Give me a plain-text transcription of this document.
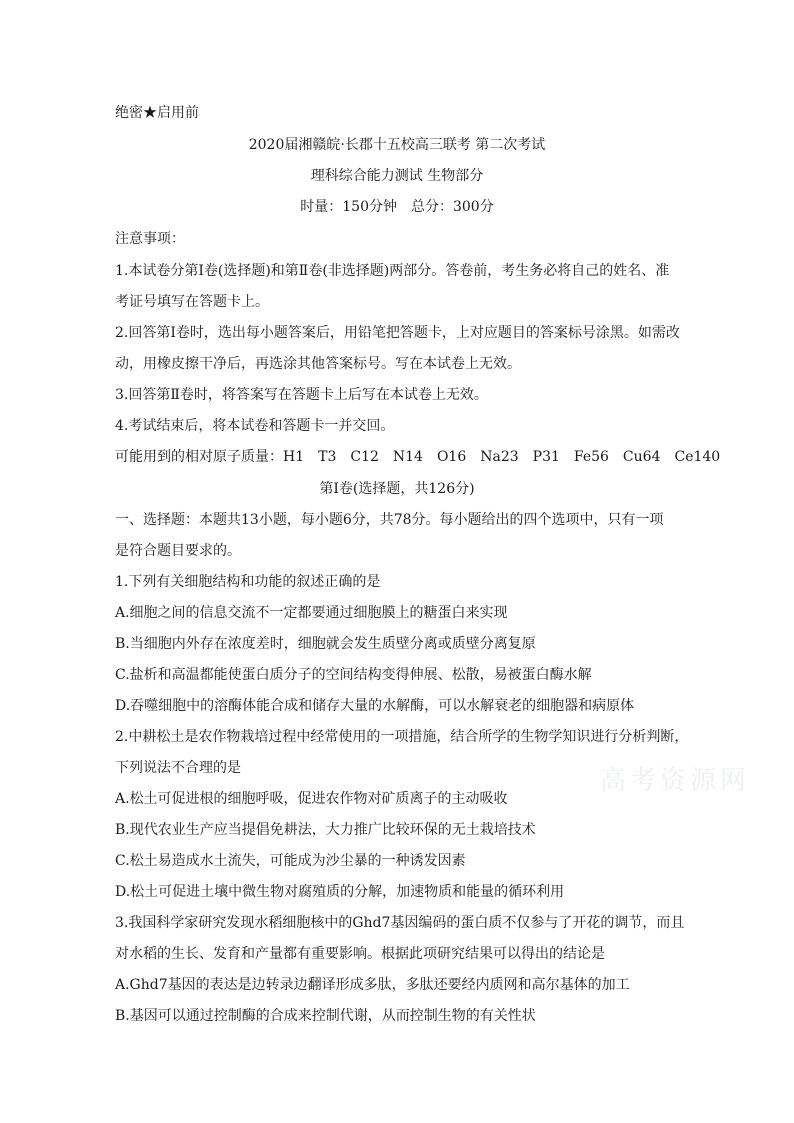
高考资源网
绝密★启用前
2020届湘赣皖·长郡十五校高三联考 第二次考试
理科综合能力测试 生物部分
时量：150分钟　总分：300分
注意事项：
1.本试卷分第Ⅰ卷(选择题)和第Ⅱ卷(非选择题)两部分。答卷前，考生务必将自己的姓名、准
考证号填写在答题卡上。
2.回答第Ⅰ卷时，选出每小题答案后，用铅笔把答题卡，上对应题目的答案标号涂黑。如需改
动，用橡皮擦干净后，再选涂其他答案标号。写在本试卷上无效。
3.回答第Ⅱ卷时，将答案写在答题卡上后写在本试卷上无效。
4.考试结束后，将本试卷和答题卡一并交回。
可能用到的相对原子质量：H1　T3　C12　N14　O16　Na23　P31　Fe56　Cu64　Ce140
第Ⅰ卷(选择题，共126分)
一、选择题：本题共13小题，每小题6分，共78分。每小题给出的四个选项中，只有一项
是符合题目要求的。
1.下列有关细胞结构和功能的叙述正确的是
A.细胞之间的信息交流不一定都要通过细胞膜上的糖蛋白来实现
B.当细胞内外存在浓度差时，细胞就会发生质壁分离或质壁分离复原
C.盐析和高温都能使蛋白质分子的空间结构变得伸展、松散，易被蛋白酶水解
D.吞噬细胞中的溶酶体能合成和储存大量的水解酶，可以水解衰老的细胞器和病原体
2.中耕松土是农作物栽培过程中经常使用的一项措施，结合所学的生物学知识进行分析判断，
下列说法不合理的是
A.松土可促进根的细胞呼吸，促进农作物对矿质离子的主动吸收
B.现代农业生产应当提倡免耕法，大力推广比较环保的无土栽培技术
C.松土易造成水土流失，可能成为沙尘暴的一种诱发因素
D.松土可促进土壤中微生物对腐殖质的分解，加速物质和能量的循环利用
3.我国科学家研究发现水稻细胞核中的Ghd7基因编码的蛋白质不仅参与了开花的调节，而且
对水稻的生长、发育和产量都有重要影响。根据此项研究结果可以得出的结论是
A.Ghd7基因的表达是边转录边翻译形成多肽，多肽还要经内质网和高尔基体的加工
B.基因可以通过控制酶的合成来控制代谢，从而控制生物的有关性状
